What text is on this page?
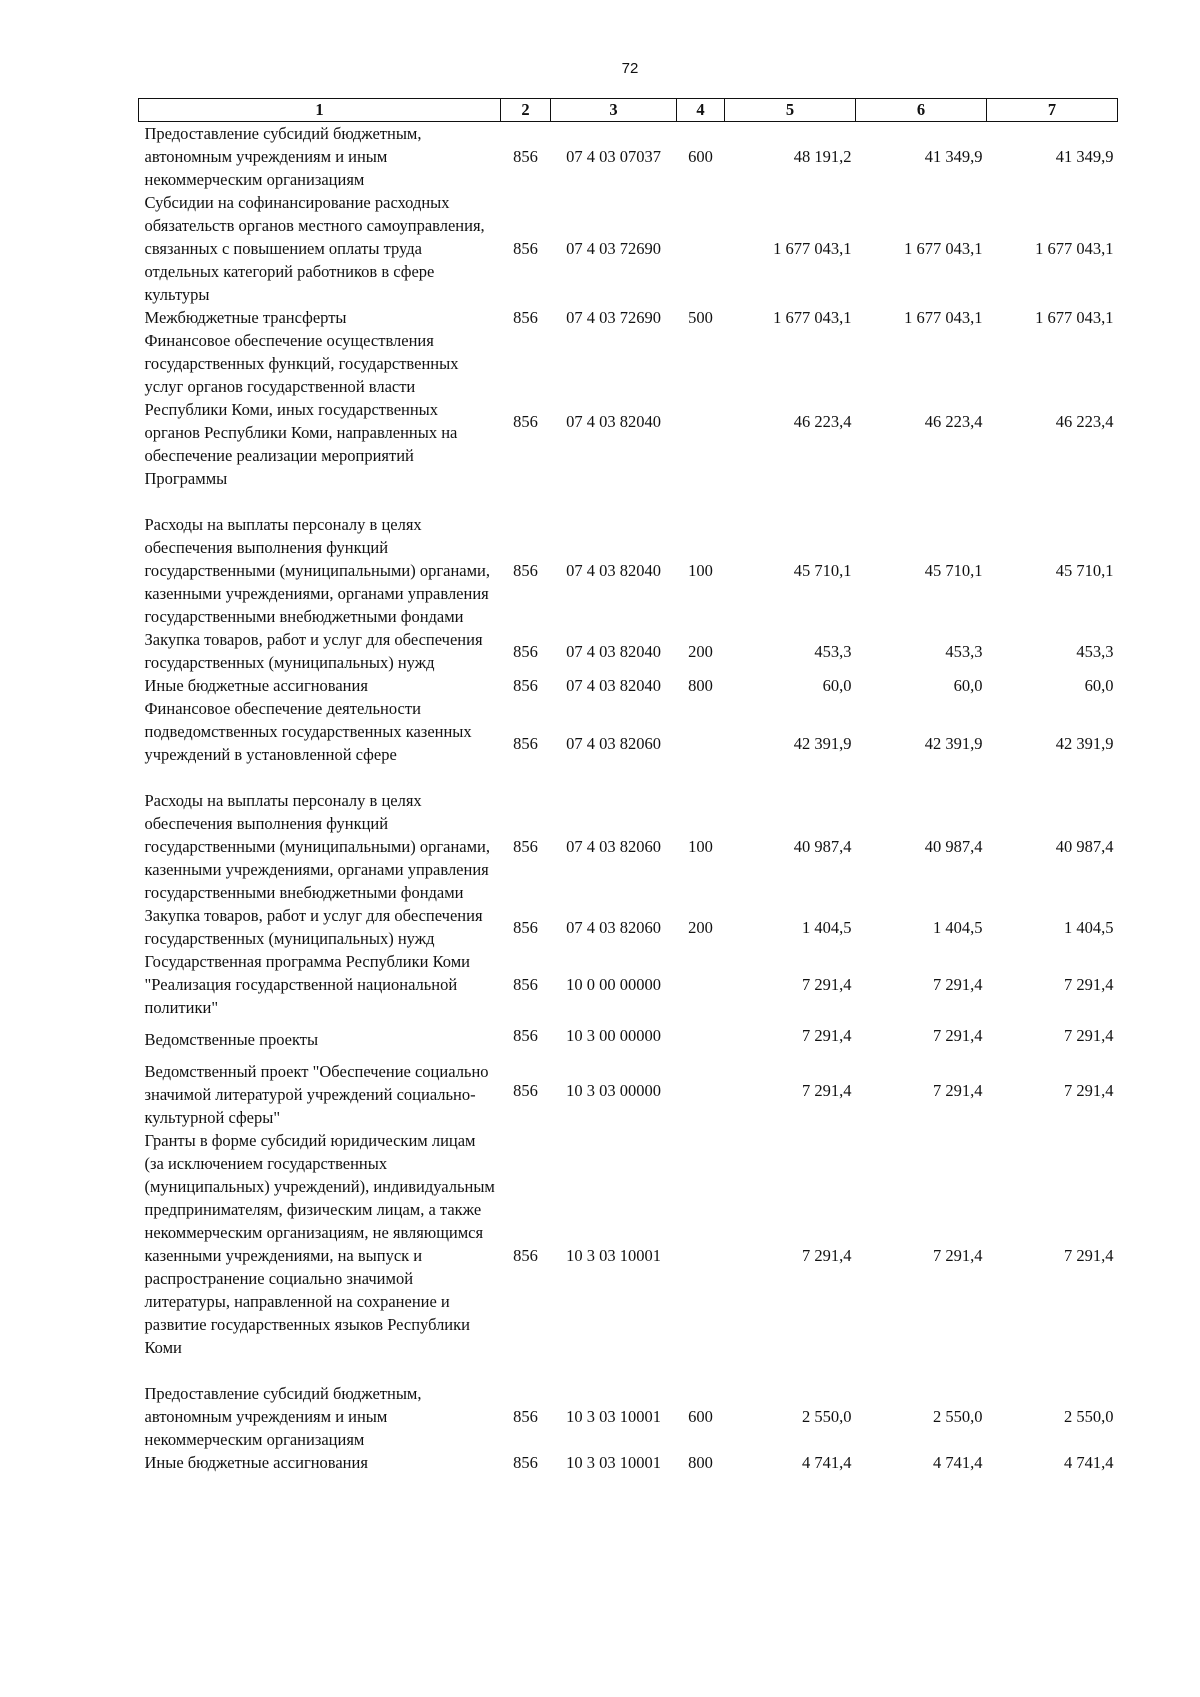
72
1	2	3	4	5	6	7
Предоставление субсидий бюджетным, автономным учреждениям и иным некоммерческим организациям	856	07 4 03 07037	600	48 191,2	41 349,9	41 349,9
Субсидии на софинансирование расходных обязательств органов местного самоуправления, связанных с повышением оплаты труда отдельных категорий работников в сфере культуры	856	07 4 03 72690		1 677 043,1	1 677 043,1	1 677 043,1
Межбюджетные трансферты	856	07 4 03 72690	500	1 677 043,1	1 677 043,1	1 677 043,1
Финансовое обеспечение осуществления государственных функций, государственных услуг органов государственной власти Республики Коми, иных государственных органов Республики Коми, направленных на обеспечение реализации мероприятий Программы	856	07 4 03 82040		46 223,4	46 223,4	46 223,4
Расходы на выплаты персоналу в целях обеспечения выполнения функций государственными (муниципальными) органами, казенными учреждениями, органами управления государственными внебюджетными фондами	856	07 4 03 82040	100	45 710,1	45 710,1	45 710,1
Закупка товаров, работ и услуг для обеспечения государственных (муниципальных) нужд	856	07 4 03 82040	200	453,3	453,3	453,3
Иные бюджетные ассигнования	856	07 4 03 82040	800	60,0	60,0	60,0
Финансовое обеспечение деятельности подведомственных государственных казенных учреждений в установленной сфере	856	07 4 03 82060		42 391,9	42 391,9	42 391,9
Расходы на выплаты персоналу в целях обеспечения выполнения функций государственными (муниципальными) органами, казенными учреждениями, органами управления государственными внебюджетными фондами	856	07 4 03 82060	100	40 987,4	40 987,4	40 987,4
Закупка товаров, работ и услуг для обеспечения государственных (муниципальных) нужд	856	07 4 03 82060	200	1 404,5	1 404,5	1 404,5
Государственная программа Республики Коми "Реализация государственной национальной политики"	856	10 0 00 00000		7 291,4	7 291,4	7 291,4
Ведомственные проекты	856	10 3 00 00000		7 291,4	7 291,4	7 291,4
Ведомственный проект "Обеспечение социально значимой литературой учреждений социально-культурной сферы"	856	10 3 03 00000		7 291,4	7 291,4	7 291,4
Гранты в форме субсидий юридическим лицам (за исключением государственных (муниципальных) учреждений), индивидуальным предпринимателям, физическим лицам, а также некоммерческим организациям, не являющимся казенными учреждениями, на выпуск и распространение социально значимой литературы, направленной на сохранение и развитие государственных языков Республики Коми	856	10 3 03 10001		7 291,4	7 291,4	7 291,4
Предоставление субсидий бюджетным, автономным учреждениям и иным некоммерческим организациям	856	10 3 03 10001	600	2 550,0	2 550,0	2 550,0
Иные бюджетные ассигнования	856	10 3 03 10001	800	4 741,4	4 741,4	4 741,4
